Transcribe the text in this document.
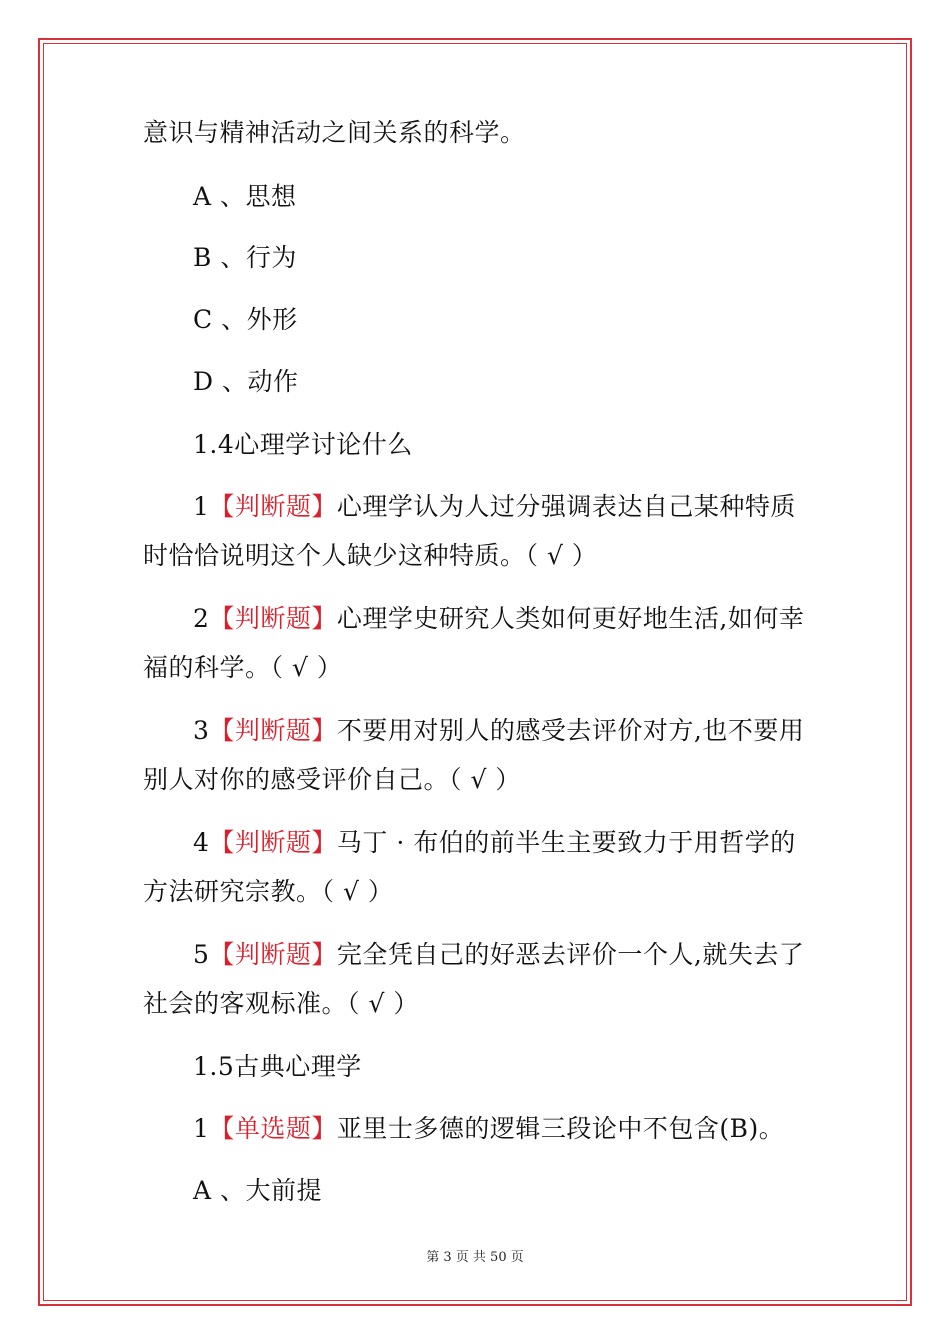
意识与精神活动之间关系的科学。
A 、思想
B 、行为
C 、外形
D 、动作
1.4心理学讨论什么
1【判断题】心理学认为人过分强调表达自己某种特质
时恰恰说明这个人缺少这种特质。（ √ ）
2【判断题】心理学史研究人类如何更好地生活,如何幸
福的科学。（ √ ）
3【判断题】不要用对别人的感受去评价对方,也不要用
别人对你的感受评价自己。（ √ ）
4【判断题】马丁 · 布伯的前半生主要致力于用哲学的
方法研究宗教。（ √ ）
5【判断题】完全凭自己的好恶去评价一个人,就失去了
社会的客观标准。（ √ ）
1.5古典心理学
1【单选题】亚里士多德的逻辑三段论中不包含(B)。
A 、大前提
第 3 页 共 50 页
